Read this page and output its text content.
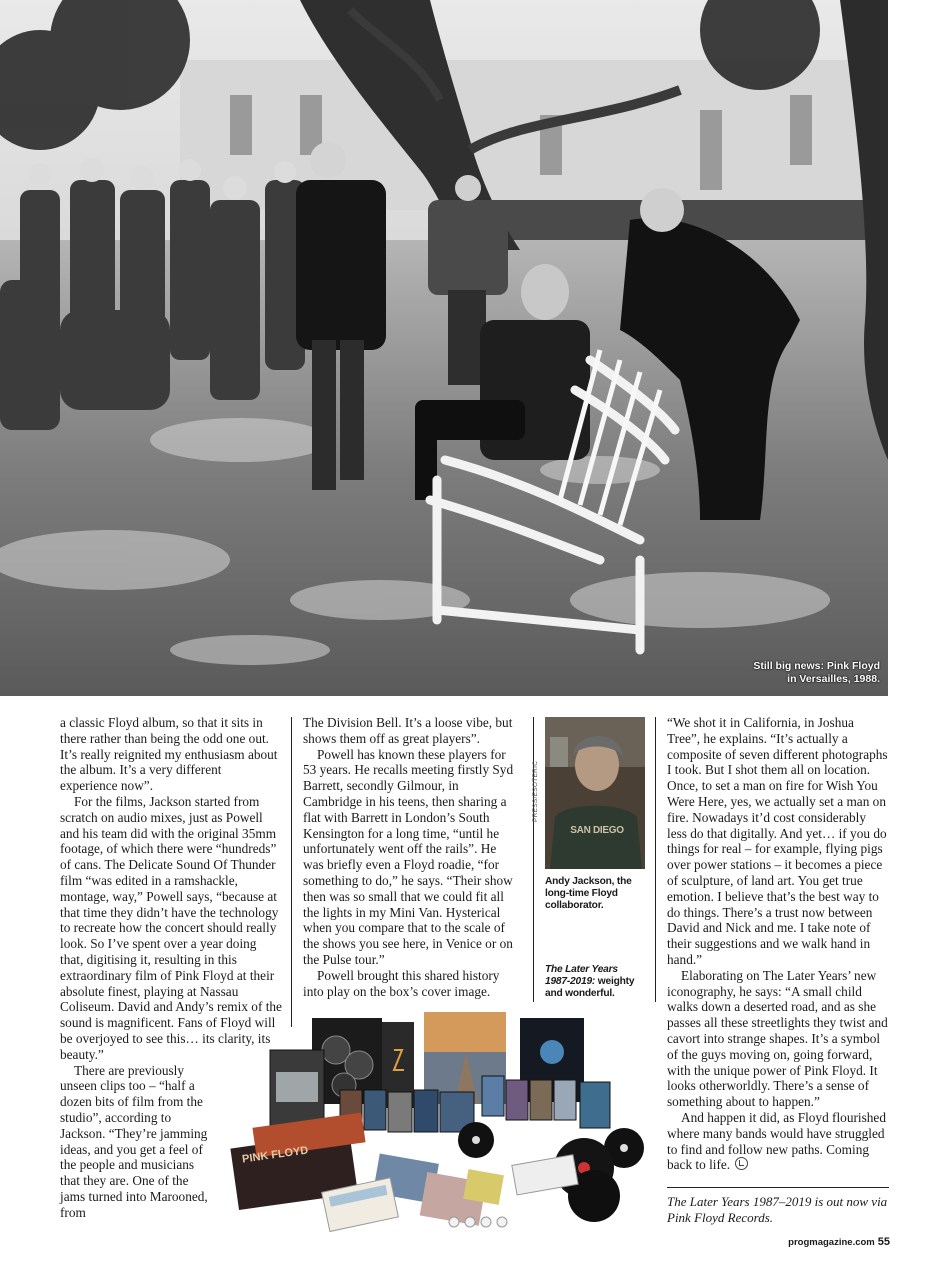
Still big news: Pink Floyd
in Versailles, 1988.

a classic Floyd album, so that it sits in there rather than being the odd one out. It’s really reignited my enthusiasm about the album. It’s a very different experience now”.

For the films, Jackson started from scratch on audio mixes, just as Powell and his team did with the original 35mm footage, of which there were “hundreds” of cans. The Delicate Sound Of Thunder film “was edited in a ramshackle, montage, way,” Powell says, “because at that time they didn’t have the technology to recreate how the concert should really look. So I’ve spent over a year doing that, digitising it, resulting in this extraordinary film of Pink Floyd at their absolute finest, playing at Nassau Coliseum. David and Andy’s remix of the sound is magnificent. Fans of Floyd will be overjoyed to see this… its clarity, its beauty.”

There are previously unseen clips too – “half a dozen bits of film from the studio”, according to Jackson. “They’re jamming ideas, and you get a feel of the people and musicians that they are. One of the jams turned into Marooned, from

The Division Bell. It’s a loose vibe, but shows them off as great players”.

Powell has known these players for 53 years. He recalls meeting firstly Syd Barrett, secondly Gilmour, in Cambridge in his teens, then sharing a flat with Barrett in London’s South Kensington for a long time, “until he unfortunately went off the rails”. He was briefly even a Floyd roadie, “for something to do,” he says. “Their show then was so small that we could fit all the lights in my Mini Van. Hysterical when you compare that to the scale of the shows you see here, in Venice or on the Pulse tour.”

Powell brought this shared history into play on the box’s cover image.

PRESS/ESOTERIC
SAN DIEGO
Andy Jackson, the long-time Floyd collaborator.
The Later Years 1987-2019: weighty and wonderful.

“We shot it in California, in Joshua Tree”, he explains. “It’s actually a composite of seven different photographs I took. But I shot them all on location. Once, to set a man on fire for Wish You Were Here, yes, we actually set a man on fire. Nowadays it’d cost considerably less do that digitally. And yet… if you do things for real – for example, flying pigs over power stations – it becomes a piece of sculpture, of land art. You get true emotion. I believe that’s the best way to do things. There’s a trust now between David and Nick and me. I take note of their suggestions and we walk hand in hand.”

Elaborating on The Later Years’ new iconography, he says: “A small child walks down a deserted road, and as she passes all these streetlights they twist and cavort into strange shapes. It’s a symbol of the guys moving on, going forward, with the unique power of Pink Floyd. It looks otherworldly. There’s a sense of something about to happen.”

And happen it did, as Floyd flourished where many bands would have struggled to find and follow new paths. Coming back to life.

PINK FLOYD
The Later Years 1987–2019 is out now via Pink Floyd Records.
progmagazine.com 55
